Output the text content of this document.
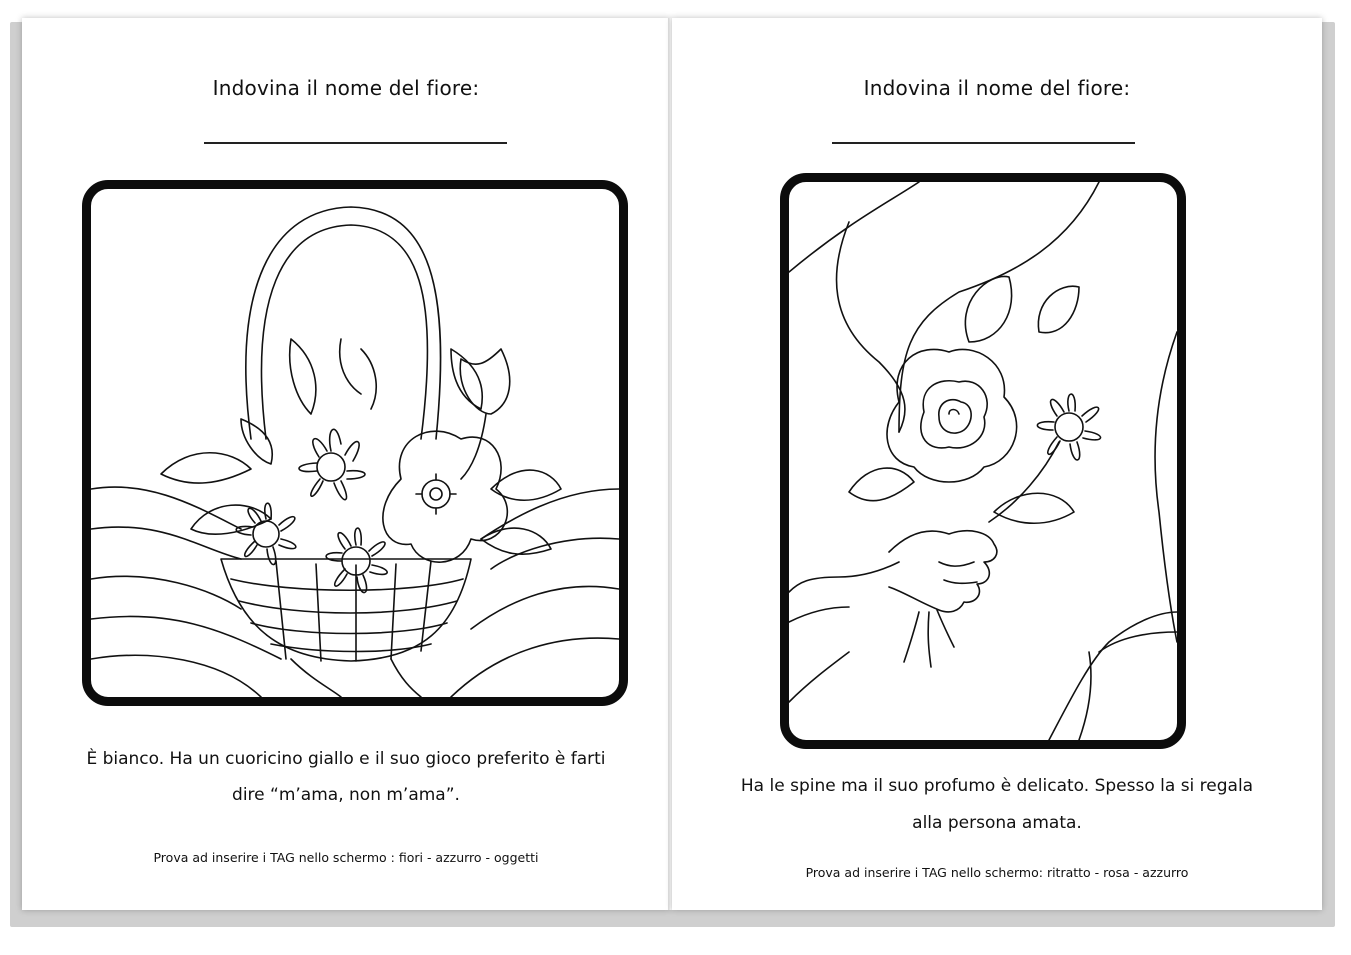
Indovina il nome del fiore:
È bianco. Ha un cuoricino giallo e il suo gioco preferito è farti
dire “m’ama, non m’ama”.
Prova ad inserire i TAG nello schermo : fiori - azzurro - oggetti
Indovina il nome del fiore:
Ha le spine ma il suo profumo è delicato. Spesso la si regala
alla persona amata.
Prova ad inserire i TAG nello schermo: ritratto - rosa - azzurro
